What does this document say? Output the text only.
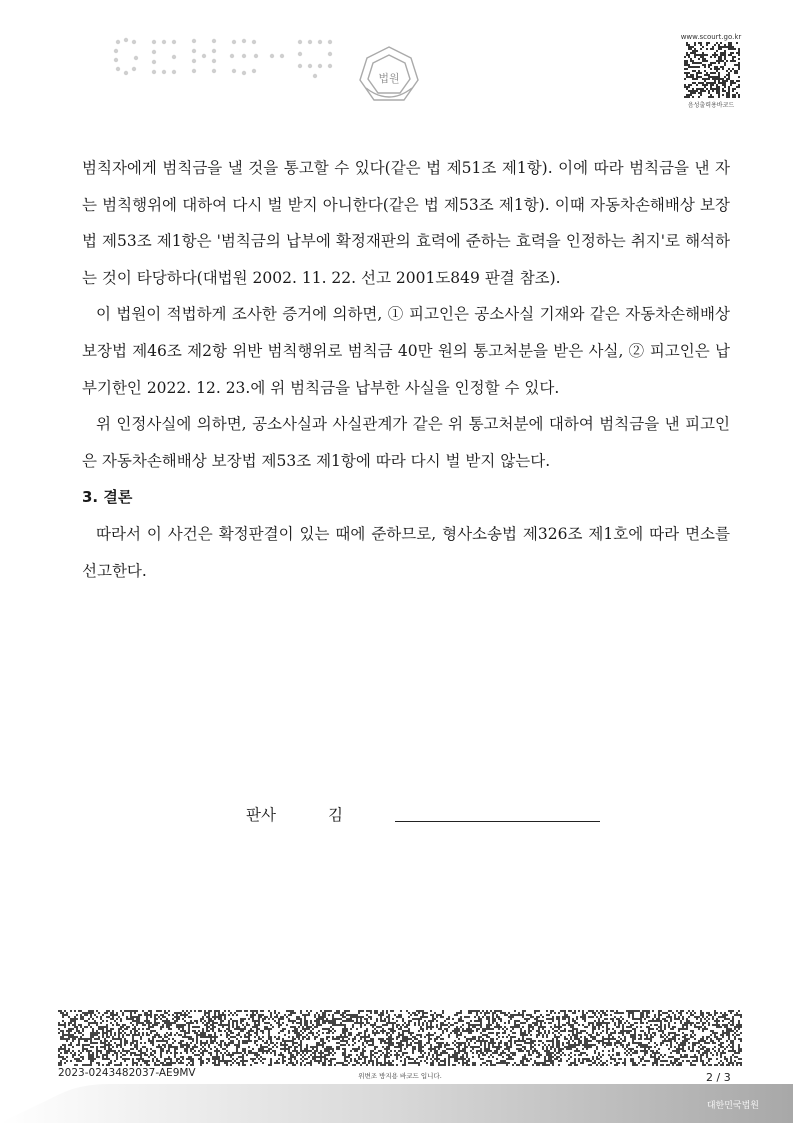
법원
www.scourt.go.kr
음성출력용바코드

범칙자에게 범칙금을 낼 것을 통고할 수 있다(같은 법 제51조 제1항). 이에 따라 범칙금을 낸 자는 범칙행위에 대하여 다시 벌 받지 아니한다(같은 법 제53조 제1항). 이때 자동차손해배상 보장법 제53조 제1항은 '범칙금의 납부에 확정재판의 효력에 준하는 효력을 인정하는 취지'로 해석하는 것이 타당하다(대법원 2002. 11. 22. 선고 2001도849 판결 참조).

이 법원이 적법하게 조사한 증거에 의하면, ① 피고인은 공소사실 기재와 같은 자동차손해배상 보장법 제46조 제2항 위반 범칙행위로 범칙금 40만 원의 통고처분을 받은 사실, ② 피고인은 납부기한인 2022. 12. 23.에 위 범칙금을 납부한 사실을 인정할 수 있다.

위 인정사실에 의하면, 공소사실과 사실관계가 같은 위 통고처분에 대하여 범칙금을 낸 피고인은 자동차손해배상 보장법 제53조 제1항에 따라 다시 벌 받지 않는다.

3. 결론

따라서 이 사건은 확정판결이 있는 때에 준하므로, 형사소송법 제326조 제1호에 따라 면소를 선고한다.

판사	김
2023-0243482037-AE9MV	위변조 방지용 바코드 입니다.	2 / 3
대한민국법원
